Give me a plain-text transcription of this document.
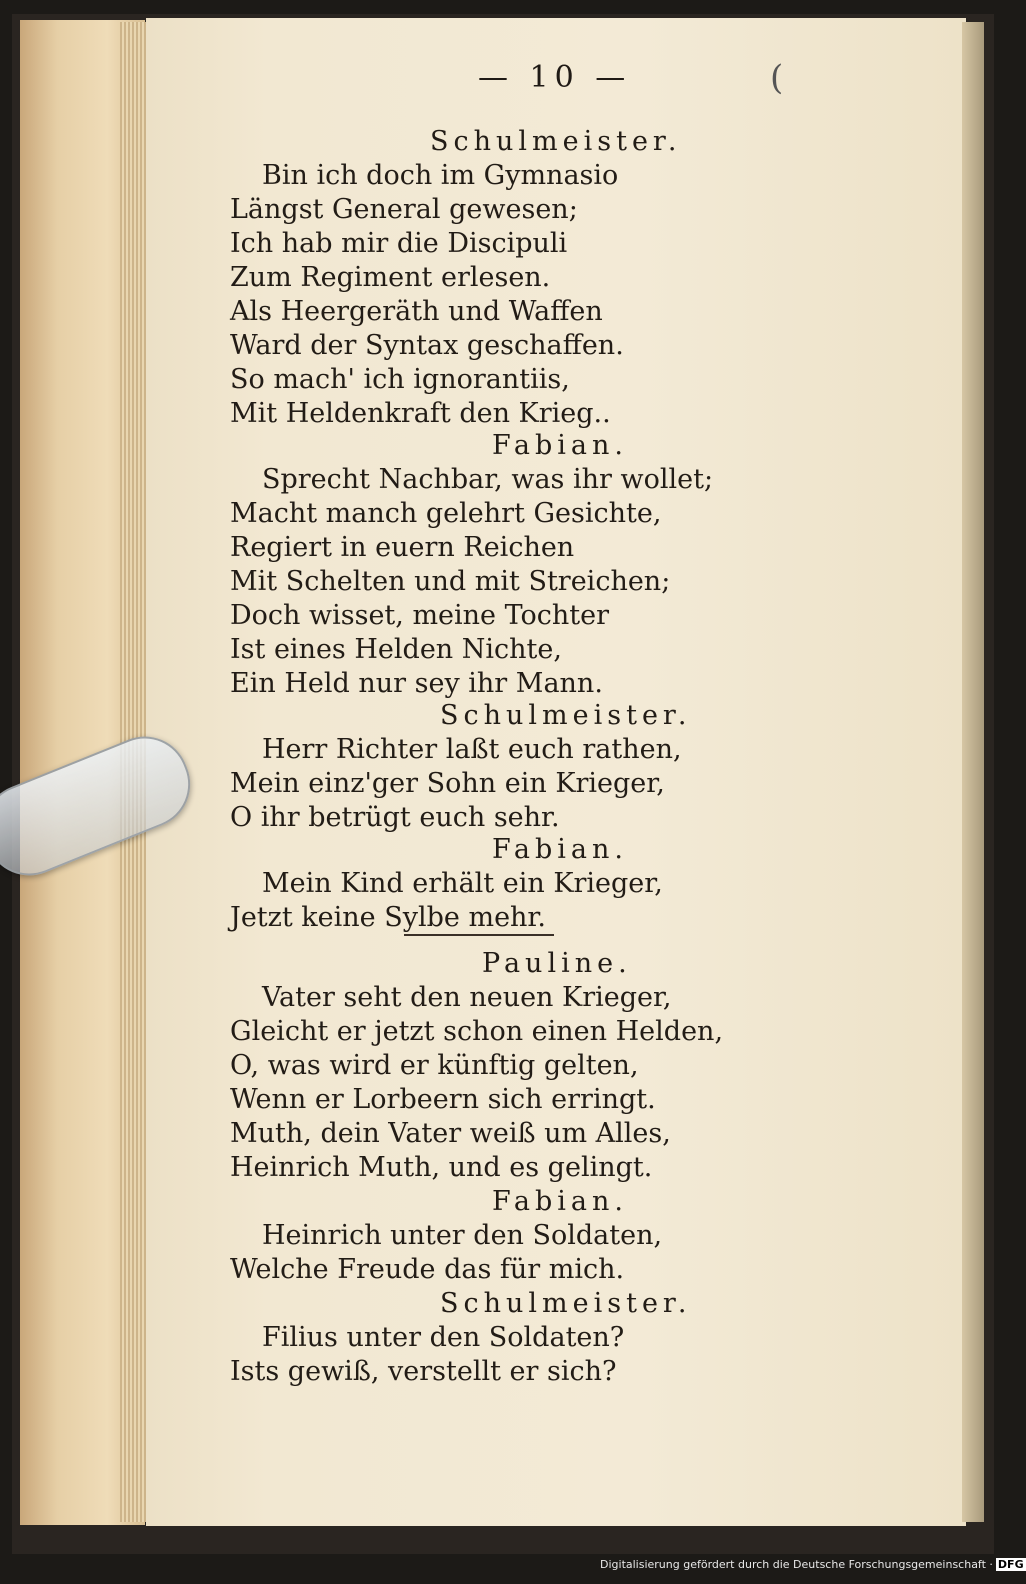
(
— 10 —
Schulmeister.
Bin ich doch im Gymnasio
Längst General gewesen;
Ich hab mir die Discipuli
Zum Regiment erlesen.
Als Heergeräth und Waffen
Ward der Syntax geschaffen.
So mach' ich ignorantiis,
Mit Heldenkraft den Krieg..
Fabian.
Sprecht Nachbar, was ihr wollet;
Macht manch gelehrt Gesichte,
Regiert in euern Reichen
Mit Schelten und mit Streichen;
Doch wisset, meine Tochter
Ist eines Helden Nichte,
Ein Held nur sey ihr Mann.
Schulmeister.
Herr Richter laßt euch rathen,
Mein einz'ger Sohn ein Krieger,
O ihr betrügt euch sehr.
Fabian.
Mein Kind erhält ein Krieger,
Jetzt keine Sylbe mehr.
Pauline.
Vater seht den neuen Krieger,
Gleicht er jetzt schon einen Helden,
O, was wird er künftig gelten,
Wenn er Lorbeern sich erringt.
Muth, dein Vater weiß um Alles,
Heinrich Muth, und es gelingt.
Fabian.
Heinrich unter den Soldaten,
Welche Freude das für mich.
Schulmeister.
Filius unter den Soldaten?
Ists gewiß, verstellt er sich?
Digitalisierung gefördert durch die Deutsche Forschungsgemeinschaft · DFG
